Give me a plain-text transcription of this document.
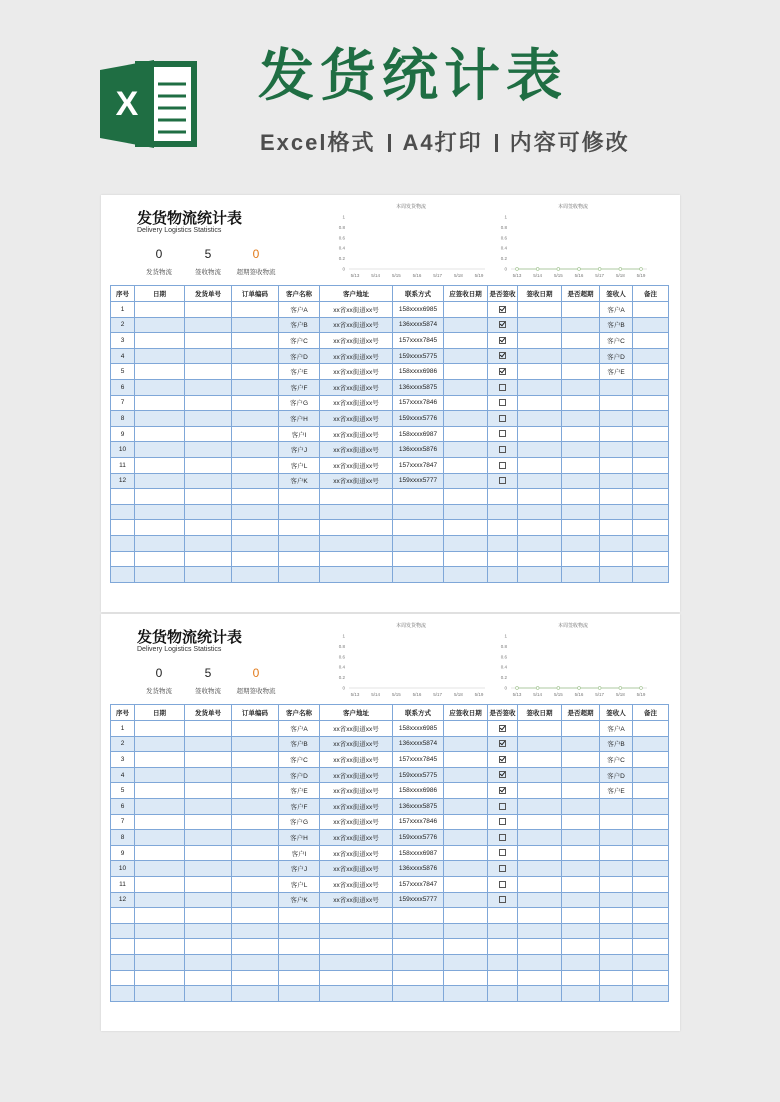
X 发货统计表
Excel格式 A4打印 内容可修改
发货物流统计表
Delivery Logistics Statistics
0
发货物流
5
签收物流
0
超期签收物流
1
0.8
0.6
0.4
0.2
0
5/13	5/14	5/15	5/16	5/17	5/18	5/19
本周发货物流
1
0.8
0.6
0.4
0.2
0
5/13	5/14	5/15	5/16	5/17	5/18	5/19
本周签收物流
序号	日期	发货单号	订单编码	客户名称	客户地址	联系方式	应签收日期	是否签收	签收日期	是否超期	签收人	备注
1				客户A	xx省xx街道xx号	158xxxx6985					客户A	
2				客户B	xx省xx街道xx号	136xxxx5874					客户B	
3				客户C	xx省xx街道xx号	157xxxx7845					客户C	
4				客户D	xx省xx街道xx号	159xxxx5775					客户D	
5				客户E	xx省xx街道xx号	158xxxx6986					客户E	
6				客户F	xx省xx街道xx号	136xxxx5875						
7				客户G	xx省xx街道xx号	157xxxx7846						
8				客户H	xx省xx街道xx号	159xxxx5776						
9				客户I	xx省xx街道xx号	158xxxx6987						
10				客户J	xx省xx街道xx号	136xxxx5876						
11				客户L	xx省xx街道xx号	157xxxx7847						
12				客户K	xx省xx街道xx号	159xxxx5777						

发货物流统计表
Delivery Logistics Statistics
0
发货物流
5
签收物流
0
超期签收物流
1
0.8
0.6
0.4
0.2
0
5/13	5/14	5/15	5/16	5/17	5/18	5/19
本周发货物流
1
0.8
0.6
0.4
0.2
0
5/13	5/14	5/15	5/16	5/17	5/18	5/19
本周签收物流
序号	日期	发货单号	订单编码	客户名称	客户地址	联系方式	应签收日期	是否签收	签收日期	是否超期	签收人	备注
1				客户A	xx省xx街道xx号	158xxxx6985					客户A	
2				客户B	xx省xx街道xx号	136xxxx5874					客户B	
3				客户C	xx省xx街道xx号	157xxxx7845					客户C	
4				客户D	xx省xx街道xx号	159xxxx5775					客户D	
5				客户E	xx省xx街道xx号	158xxxx6986					客户E	
6				客户F	xx省xx街道xx号	136xxxx5875						
7				客户G	xx省xx街道xx号	157xxxx7846						
8				客户H	xx省xx街道xx号	159xxxx5776						
9				客户I	xx省xx街道xx号	158xxxx6987						
10				客户J	xx省xx街道xx号	136xxxx5876						
11				客户L	xx省xx街道xx号	157xxxx7847						
12				客户K	xx省xx街道xx号	159xxxx5777						
